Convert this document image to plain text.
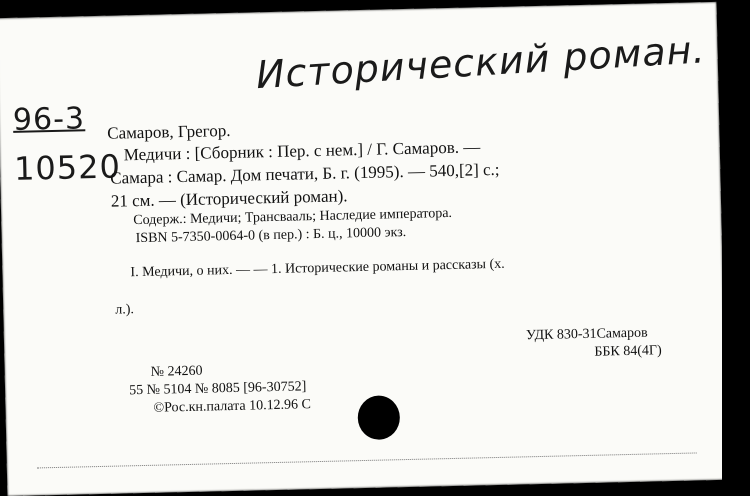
Исторический роман.
96-3
10520
Самаров, Грегор.
Медичи : [Сборник : Пер. с нем.] / Г. Самаров. —
Самара : Самар. Дом печати, Б. г. (1995). — 540,[2] с.;
21 см. — (Исторический роман).
Содерж.: Медичи; Трансвааль; Наследие императора.
ISBN 5-7350-0064-0 (в пер.) : Б. ц., 10000 экз.
I. Медичи, о них. — — 1. Исторические романы и рассказы (х.
л.).
УДК 830-31Самаров
ББК 84(4Г)
№ 24260
55 № 5104 № 8085 [96-30752]
©Рос.кн.палата 10.12.96 С
